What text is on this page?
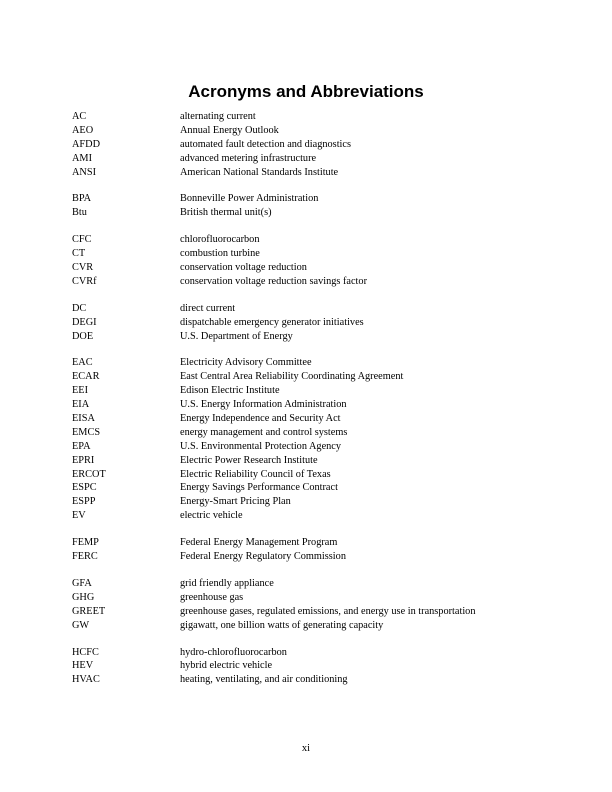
Acronyms and Abbreviations
AC	alternating current
AEO	Annual Energy Outlook
AFDD	automated fault detection and diagnostics
AMI	advanced metering infrastructure
ANSI	American National Standards Institute
BPA	Bonneville Power Administration
Btu	British thermal unit(s)
CFC	chlorofluorocarbon
CT	combustion turbine
CVR	conservation voltage reduction
CVRf	conservation voltage reduction savings factor
DC	direct current
DEGI	dispatchable emergency generator initiatives
DOE	U.S. Department of Energy
EAC	Electricity Advisory Committee
ECAR	East Central Area Reliability Coordinating Agreement
EEI	Edison Electric Institute
EIA	U.S. Energy Information Administration
EISA	Energy Independence and Security Act
EMCS	energy management and control systems
EPA	U.S. Environmental Protection Agency
EPRI	Electric Power Research Institute
ERCOT	Electric Reliability Council of Texas
ESPC	Energy Savings Performance Contract
ESPP	Energy-Smart Pricing Plan
EV	electric vehicle
FEMP	Federal Energy Management Program
FERC	Federal Energy Regulatory Commission
GFA	grid friendly appliance
GHG	greenhouse gas
GREET	greenhouse gases, regulated emissions, and energy use in transportation
GW	gigawatt, one billion watts of generating capacity
HCFC	hydro-chlorofluorocarbon
HEV	hybrid electric vehicle
HVAC	heating, ventilating, and air conditioning
xi
